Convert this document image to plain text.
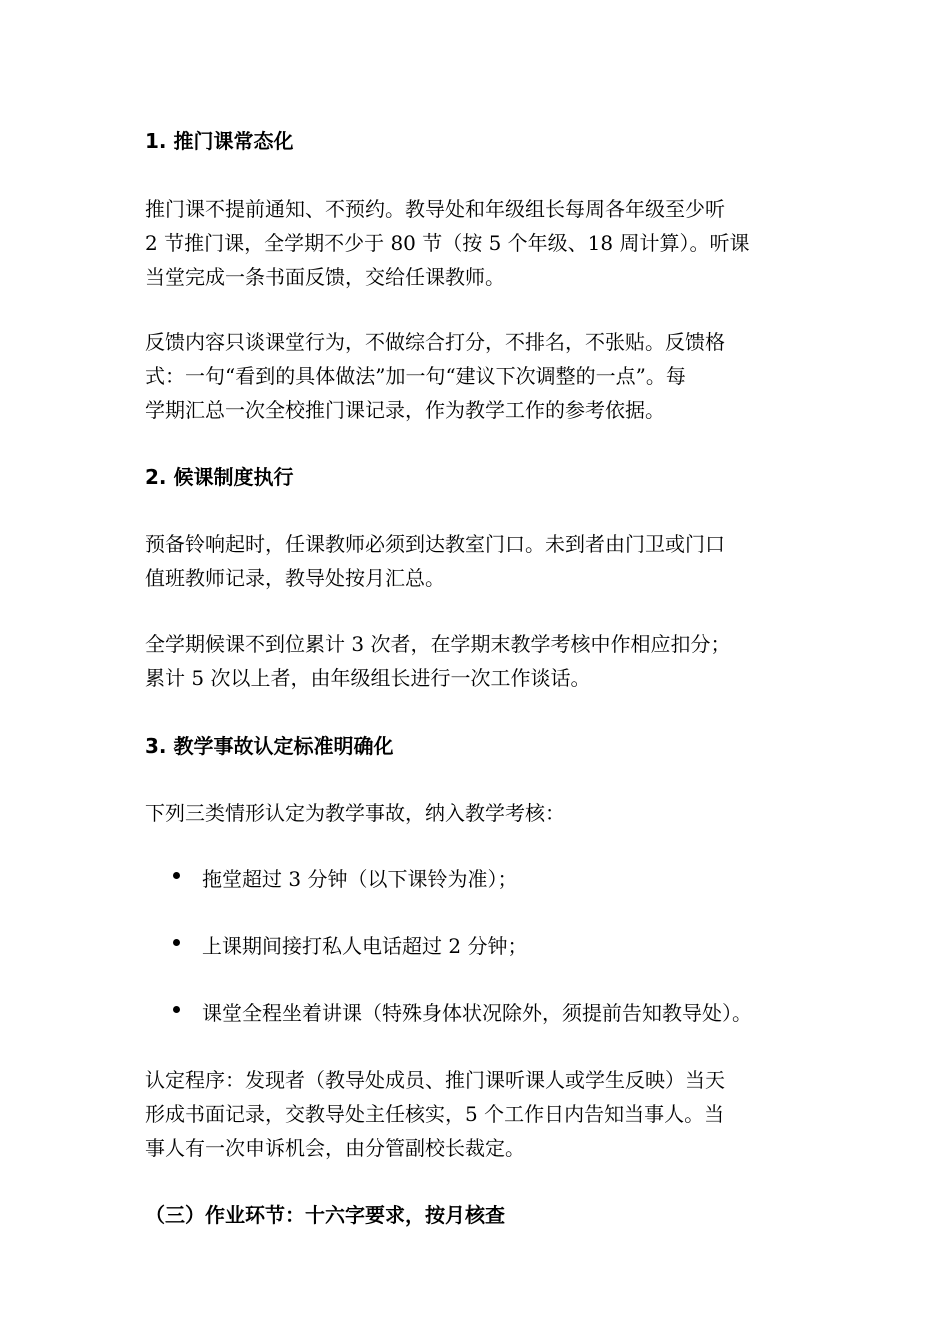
1. 推门课常态化
推门课不提前通知、不预约。教导处和年级组长每周各年级至少听
2 节推门课，全学期不少于 80 节（按 5 个年级、18 周计算）。听课
当堂完成一条书面反馈，交给任课教师。
反馈内容只谈课堂行为，不做综合打分，不排名，不张贴。反馈格
式：一句“看到的具体做法”加一句“建议下次调整的一点”。每
学期汇总一次全校推门课记录，作为教学工作的参考依据。
2. 候课制度执行
预备铃响起时，任课教师必须到达教室门口。未到者由门卫或门口
值班教师记录，教导处按月汇总。
全学期候课不到位累计 3 次者，在学期末教学考核中作相应扣分；
累计 5 次以上者，由年级组长进行一次工作谈话。
3. 教学事故认定标准明确化
下列三类情形认定为教学事故，纳入教学考核：
拖堂超过 3 分钟（以下课铃为准）；
上课期间接打私人电话超过 2 分钟；
课堂全程坐着讲课（特殊身体状况除外，须提前告知教导处）。
认定程序：发现者（教导处成员、推门课听课人或学生反映）当天
形成书面记录，交教导处主任核实，5 个工作日内告知当事人。当
事人有一次申诉机会，由分管副校长裁定。
（三）作业环节：十六字要求，按月核查
